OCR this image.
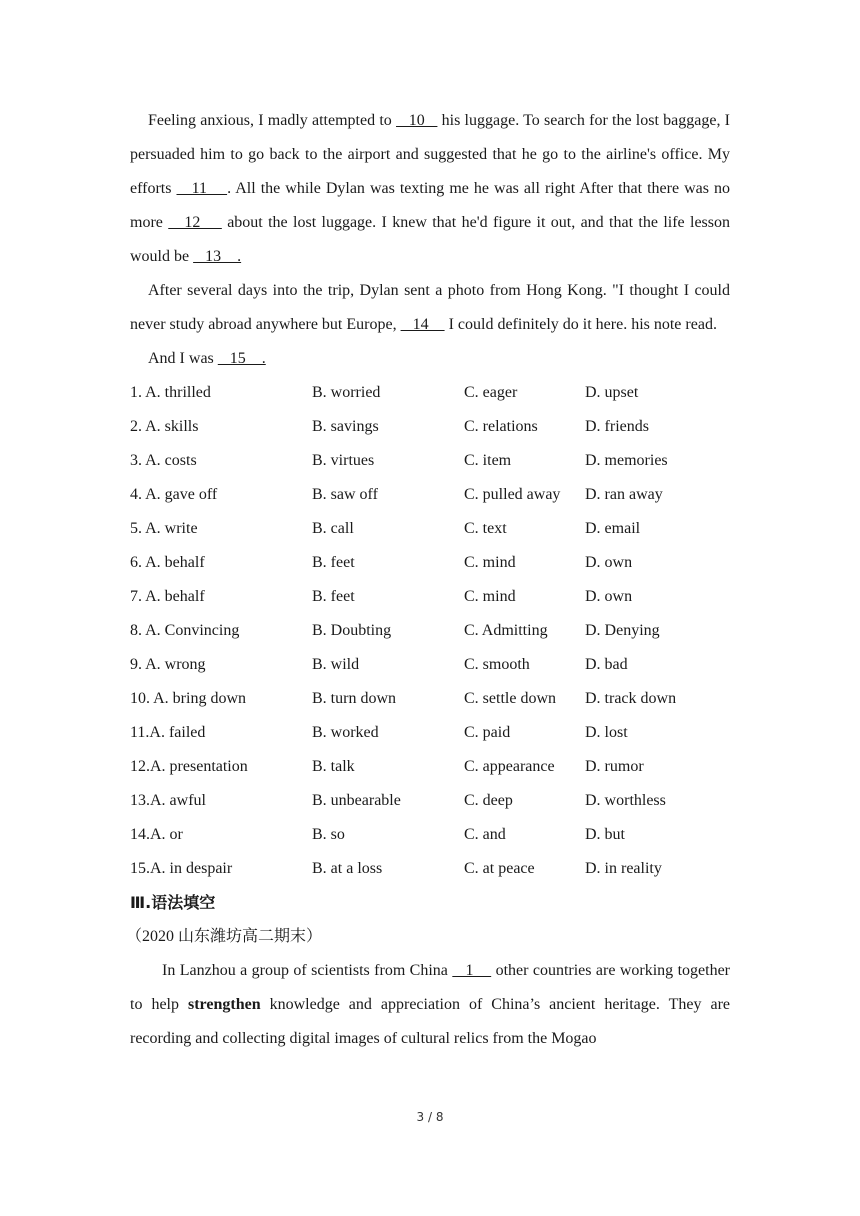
Feeling anxious, I madly attempted to    10    his luggage. To search for the lost baggage, I persuaded him to go back to the airport and suggested that he go to the airline's office. My efforts    11    . All the while Dylan was texting me he was all right After that there was no more    12     about the lost luggage. I knew that he'd figure it out, and that the life lesson would be    13    .

After several days into the trip, Dylan sent a photo from Hong Kong. "I thought I could never study abroad anywhere but Europe,    14     I could definitely do it here. his note read.

And I was    15    .

1. A. thrilled	B. worried	C. eager	D. upset
2. A. skills	B. savings	C. relations	D. friends
3. A. costs	B. virtues	C. item	D. memories
4. A. gave off	B. saw off	C. pulled away	D. ran away
5. A. write	B. call	C. text	D. email
6. A. behalf	B. feet	C. mind	D. own
7. A. behalf	B. feet	C. mind	D. own
8. A. Convincing	B. Doubting	C. Admitting	D. Denying
9. A. wrong	B. wild	C. smooth	D. bad
10. A. bring down	B. turn down	C. settle down	D. track down
11.A. failed	B. worked	C. paid	D. lost
12.A. presentation	B. talk	C. appearance	D. rumor
13.A. awful	B. unbearable	C. deep	D. worthless
14.A. or	B. so	C. and	D. but
15.A. in despair	B. at a loss	C. at peace	D. in reality

Ⅲ.语法填空

（2020 山东潍坊高二期末）

In Lanzhou a group of scientists from China    1     other countries are working together to help strengthen knowledge and appreciation of China’s ancient heritage. They are recording and collecting digital images of cultural relics from the Mogao

3 / 8
